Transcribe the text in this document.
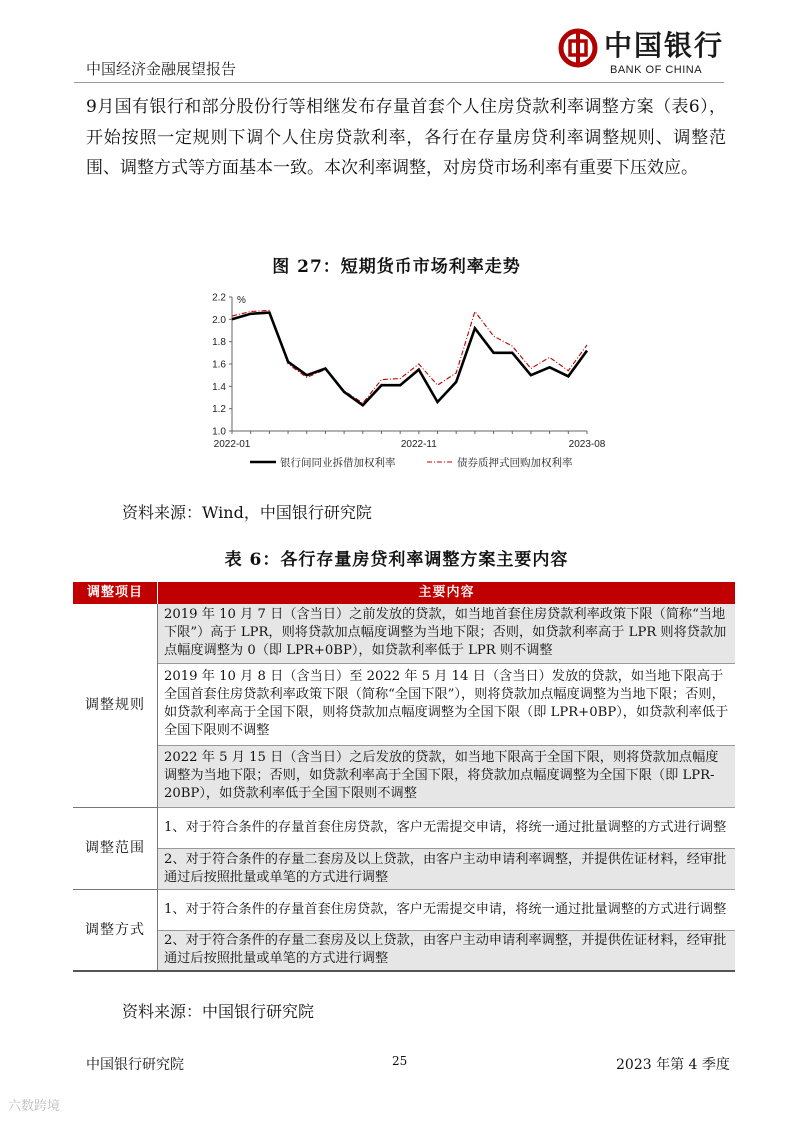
中国经济金融展望报告
中国银行
BANK OF CHINA
9月国有银行和部分股份行等相继发布存量首套个人住房贷款利率调整方案（表6），开始按照一定规则下调个人住房贷款利率，各行在存量房贷利率调整规则、调整范围、调整方式等方面基本一致。本次利率调整，对房贷市场利率有重要下压效应。
图 27：短期货币市场利率走势
1.0
1.2
1.4
1.6
1.8
2.0
2.2 %
2022-01	2022-11	2023-08
银行间同业拆借加权利率	债券质押式回购加权利率
资料来源：Wind，中国银行研究院
表 6：各行存量房贷利率调整方案主要内容
调整项目	主要内容
调整规则	2019 年 10 月 7 日（含当日）之前发放的贷款，如当地首套住房贷款利率政策下限（简称“当地下限”）高于 LPR，则将贷款加点幅度调整为当地下限；否则，如贷款利率高于 LPR 则将贷款加点幅度调整为 0（即 LPR+0BP），如贷款利率低于 LPR 则不调整
	2019 年 10 月 8 日（含当日）至 2022 年 5 月 14 日（含当日）发放的贷款，如当地下限高于全国首套住房贷款利率政策下限（简称“全国下限”），则将贷款加点幅度调整为当地下限；否则，如贷款利率高于全国下限，则将贷款加点幅度调整为全国下限（即 LPR+0BP），如贷款利率低于全国下限则不调整
	2022 年 5 月 15 日（含当日）之后发放的贷款，如当地下限高于全国下限，则将贷款加点幅度调整为当地下限；否则，如贷款利率高于全国下限，将贷款加点幅度调整为全国下限（即 LPR-20BP），如贷款利率低于全国下限则不调整
调整范围	1、对于符合条件的存量首套住房贷款，客户无需提交申请，将统一通过批量调整的方式进行调整
	2、对于符合条件的存量二套房及以上贷款，由客户主动申请利率调整，并提供佐证材料，经审批通过后按照批量或单笔的方式进行调整
调整方式	1、对于符合条件的存量首套住房贷款，客户无需提交申请，将统一通过批量调整的方式进行调整
	2、对于符合条件的存量二套房及以上贷款，由客户主动申请利率调整，并提供佐证材料，经审批通过后按照批量或单笔的方式进行调整
资料来源：中国银行研究院
中国银行研究院	25	2023 年第 4 季度
六数跨境
